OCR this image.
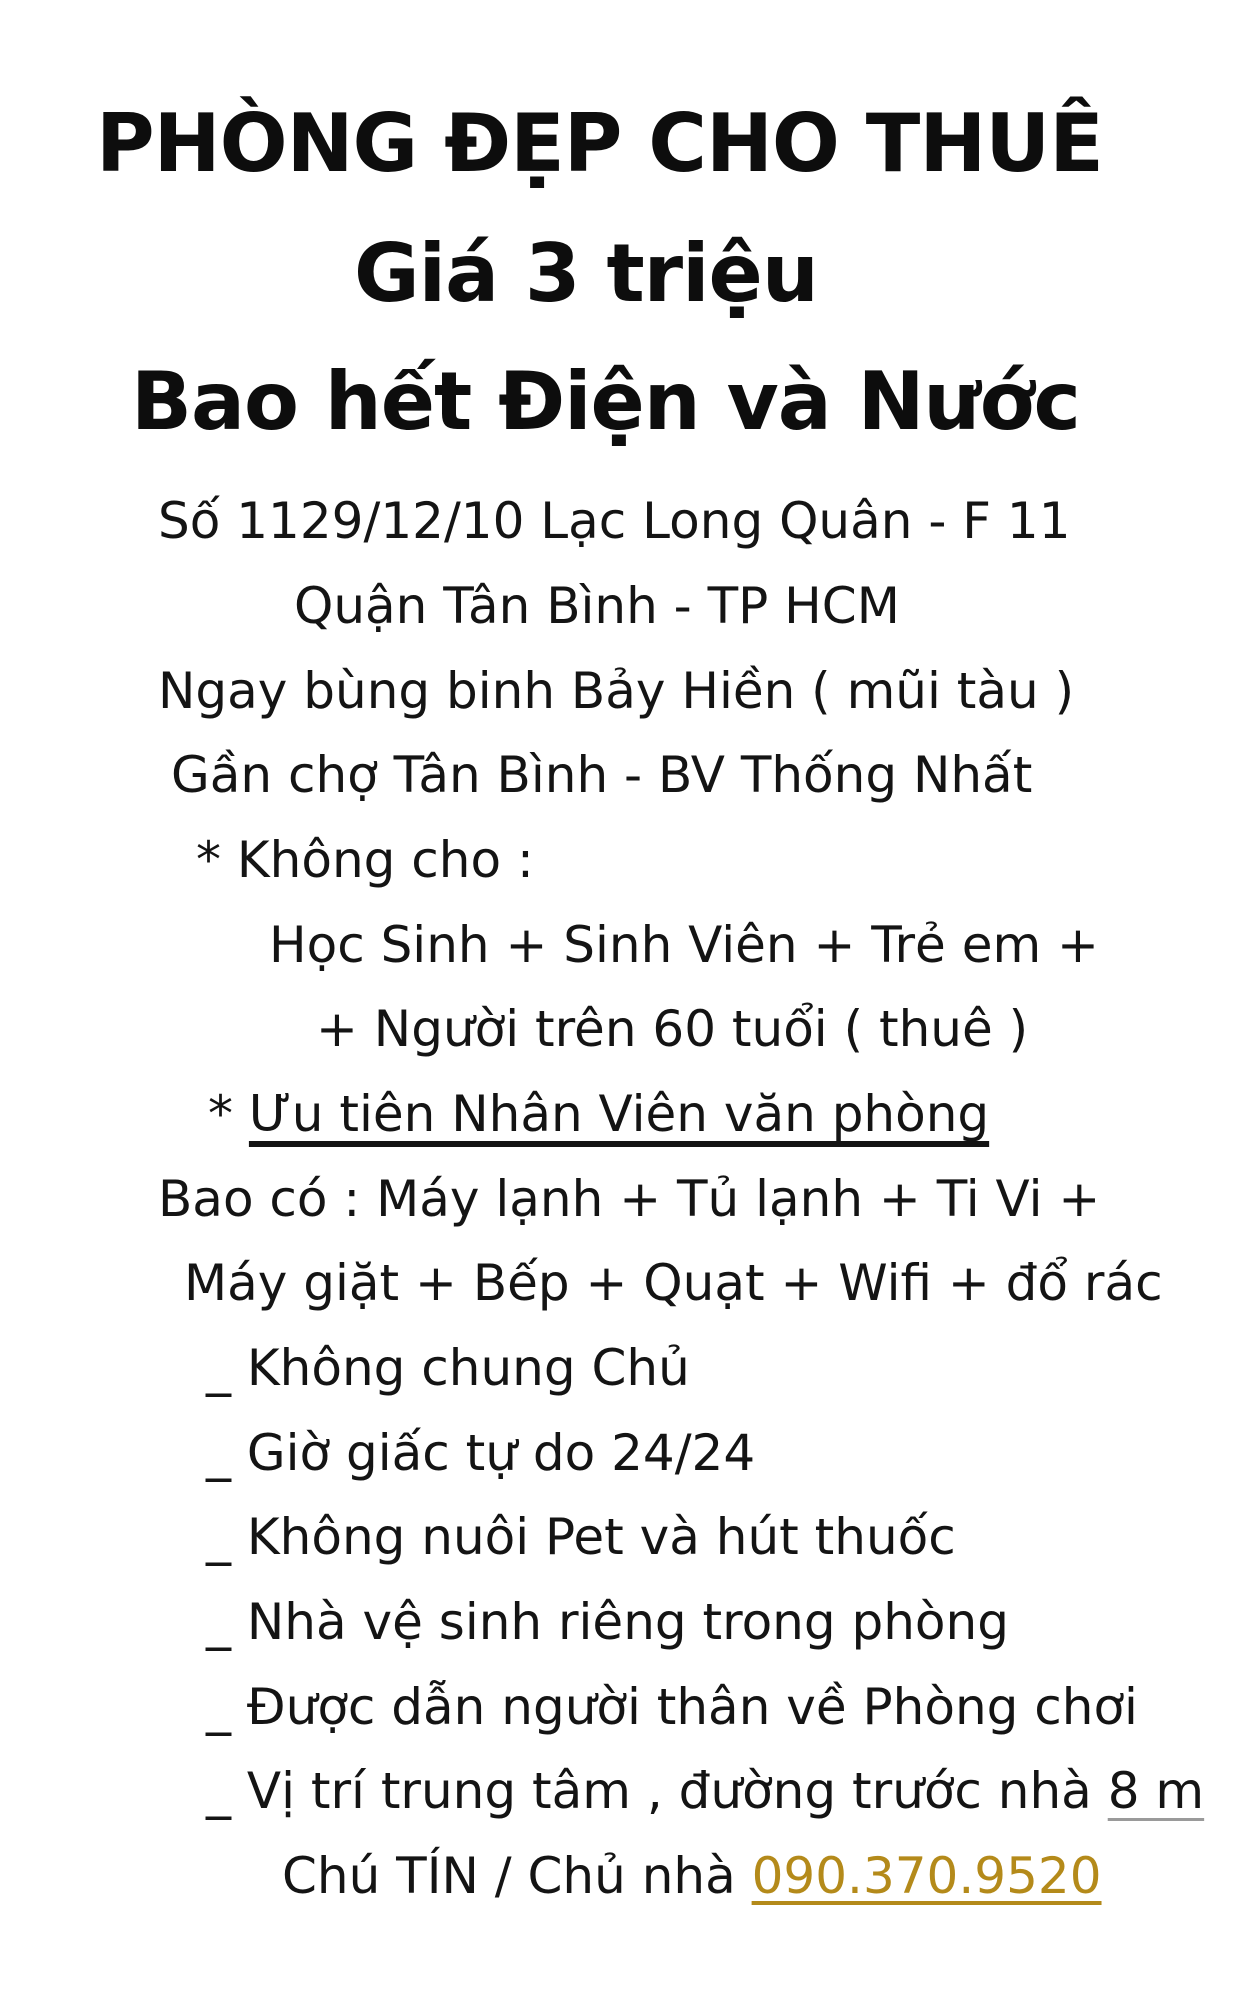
PHÒNG ĐẸP CHO THUÊ
Giá 3 triệu
Bao hết Điện và Nước
Số 1129/12/10 Lạc Long Quân - F 11
Quận Tân Bình - TP HCM
Ngay bùng binh Bảy Hiền ( mũi tàu )
Gần chợ Tân Bình - BV Thống Nhất
* Không cho :
Học Sinh + Sinh Viên + Trẻ em +
+ Người trên 60 tuổi ( thuê )
* Ưu tiên Nhân Viên văn phòng
Bao có : Máy lạnh + Tủ lạnh + Ti Vi +
Máy giặt + Bếp + Quạt + Wifi + đổ rác
_ Không chung Chủ
_ Giờ giấc tự do 24/24
_ Không nuôi Pet và hút thuốc
_ Nhà vệ sinh riêng trong phòng
_ Được dẫn người thân về Phòng chơi
_ Vị trí trung tâm , đường trước nhà 8 m
Chú TÍN / Chủ nhà 090.370.9520
